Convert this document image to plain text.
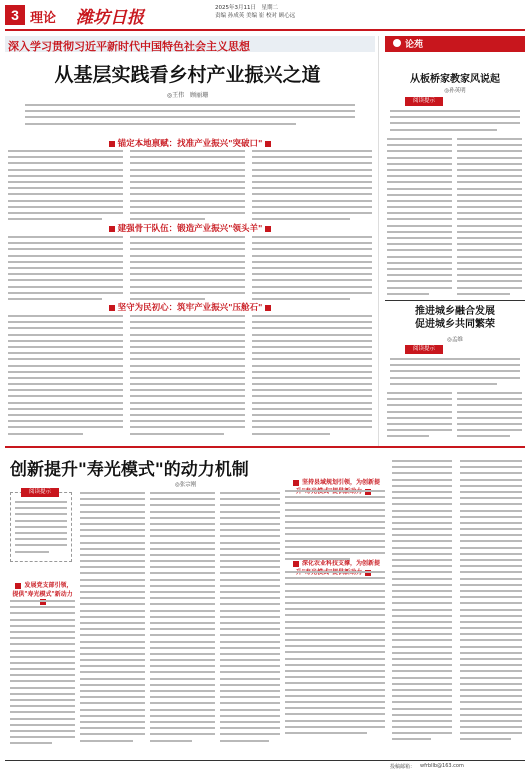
3 理论 潍坊日报	2025年3月11日　星期二
责编 孙成英 美编 崔 校对 顾心远
深入学习贯彻习近平新时代中国特色社会主义思想
从基层实践看乡村产业振兴之道
◎王伟　顾丽珊
锚定本地禀赋：找准产业振兴"突破口"
建强骨干队伍：锻造产业振兴"领头羊"
坚守为民初心：筑牢产业振兴"压舱石"
论苑
从板桥家教家风说起
◎孙英明
阅读提示
推进城乡融合发展
促进城乡共同繁荣
◎孟维
阅读提示
创新提升"寿光模式"的动力机制
◎张宗刚
阅读提示
发展党支部引领，提供"寿光模式"新动力
坚持县域规划引领，为创新提
深化农业科技支撑，为创新提
投稿邮箱： wfrbllb@163.com
